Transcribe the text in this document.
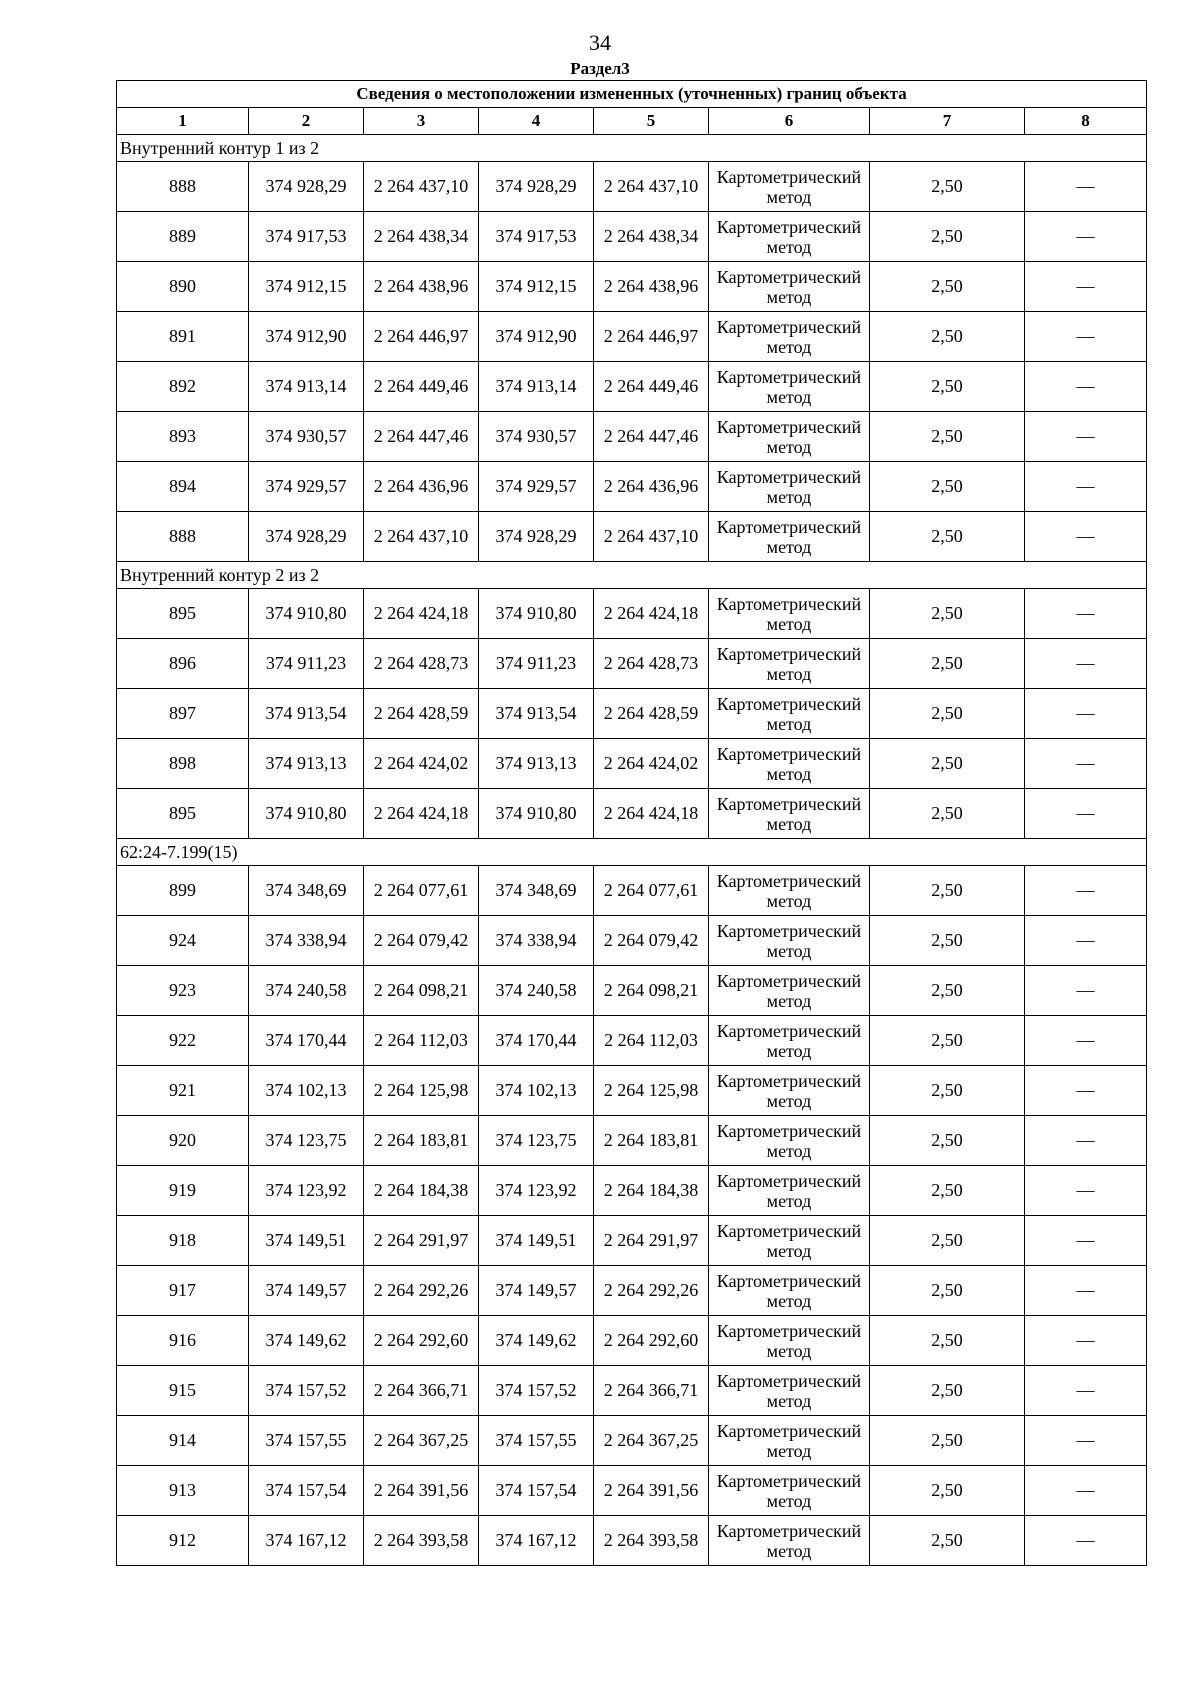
34
Раздел3
Сведения о местоположении измененных (уточненных) границ объекта							
1	2	3	4	5	6	7	8
Внутренний контур 1 из 2							
888	374 928,29	2 264 437,10	374 928,29	2 264 437,10	Картометрический метод	2,50	—
889	374 917,53	2 264 438,34	374 917,53	2 264 438,34	Картометрический метод	2,50	—
890	374 912,15	2 264 438,96	374 912,15	2 264 438,96	Картометрический метод	2,50	—
891	374 912,90	2 264 446,97	374 912,90	2 264 446,97	Картометрический метод	2,50	—
892	374 913,14	2 264 449,46	374 913,14	2 264 449,46	Картометрический метод	2,50	—
893	374 930,57	2 264 447,46	374 930,57	2 264 447,46	Картометрический метод	2,50	—
894	374 929,57	2 264 436,96	374 929,57	2 264 436,96	Картометрический метод	2,50	—
888	374 928,29	2 264 437,10	374 928,29	2 264 437,10	Картометрический метод	2,50	—
Внутренний контур 2 из 2							
895	374 910,80	2 264 424,18	374 910,80	2 264 424,18	Картометрический метод	2,50	—
896	374 911,23	2 264 428,73	374 911,23	2 264 428,73	Картометрический метод	2,50	—
897	374 913,54	2 264 428,59	374 913,54	2 264 428,59	Картометрический метод	2,50	—
898	374 913,13	2 264 424,02	374 913,13	2 264 424,02	Картометрический метод	2,50	—
895	374 910,80	2 264 424,18	374 910,80	2 264 424,18	Картометрический метод	2,50	—
62:24-7.199(15)							
899	374 348,69	2 264 077,61	374 348,69	2 264 077,61	Картометрический метод	2,50	—
924	374 338,94	2 264 079,42	374 338,94	2 264 079,42	Картометрический метод	2,50	—
923	374 240,58	2 264 098,21	374 240,58	2 264 098,21	Картометрический метод	2,50	—
922	374 170,44	2 264 112,03	374 170,44	2 264 112,03	Картометрический метод	2,50	—
921	374 102,13	2 264 125,98	374 102,13	2 264 125,98	Картометрический метод	2,50	—
920	374 123,75	2 264 183,81	374 123,75	2 264 183,81	Картометрический метод	2,50	—
919	374 123,92	2 264 184,38	374 123,92	2 264 184,38	Картометрический метод	2,50	—
918	374 149,51	2 264 291,97	374 149,51	2 264 291,97	Картометрический метод	2,50	—
917	374 149,57	2 264 292,26	374 149,57	2 264 292,26	Картометрический метод	2,50	—
916	374 149,62	2 264 292,60	374 149,62	2 264 292,60	Картометрический метод	2,50	—
915	374 157,52	2 264 366,71	374 157,52	2 264 366,71	Картометрический метод	2,50	—
914	374 157,55	2 264 367,25	374 157,55	2 264 367,25	Картометрический метод	2,50	—
913	374 157,54	2 264 391,56	374 157,54	2 264 391,56	Картометрический метод	2,50	—
912	374 167,12	2 264 393,58	374 167,12	2 264 393,58	Картометрический метод	2,50	—
